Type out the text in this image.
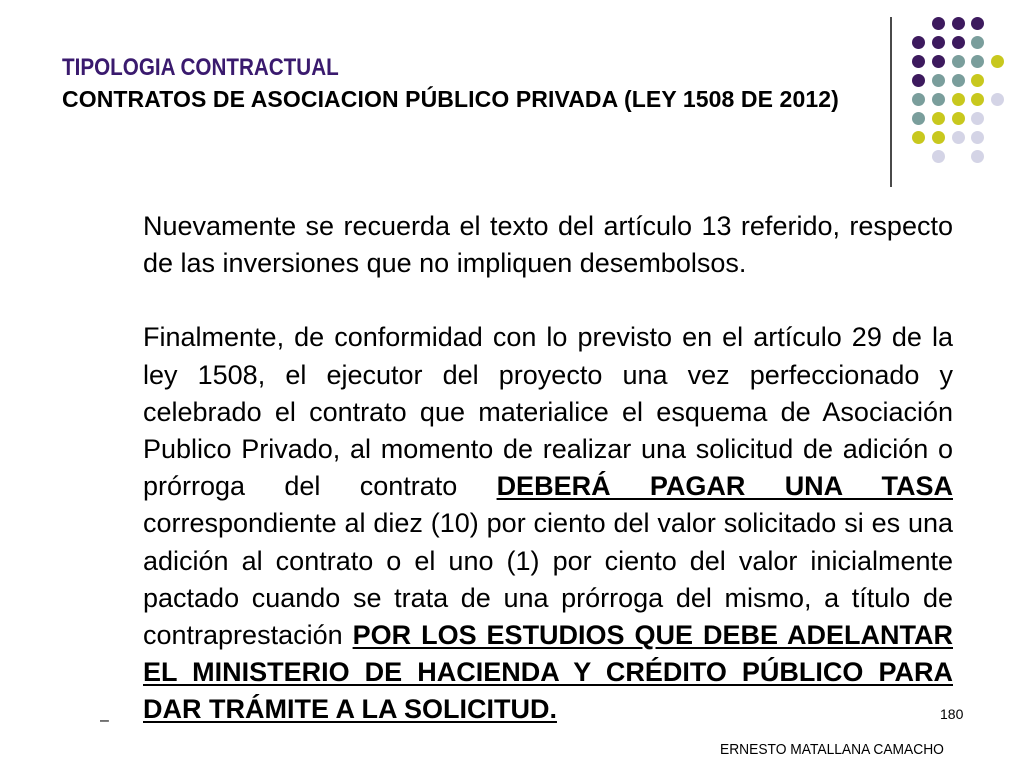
TIPOLOGIA CONTRACTUAL
CONTRATOS DE ASOCIACION PÚBLICO PRIVADA (LEY 1508 DE 2012)

Nuevamente se recuerda el texto del artículo 13 referido, respecto de las inversiones que no impliquen desembolsos.

Finalmente, de conformidad con lo previsto en el artículo 29 de la ley 1508, el ejecutor del proyecto una vez perfeccionado y celebrado el contrato que materialice el esquema de Asociación Publico Privado, al momento de realizar una solicitud de adición o prórroga del contrato DEBERÁ PAGAR UNA TASA correspondiente al diez (10) por ciento del valor solicitado si es una adición al contrato o el uno (1) por ciento del valor inicialmente pactado cuando se trata de una prórroga del mismo, a título de contraprestación POR LOS ESTUDIOS QUE DEBE ADELANTAR EL MINISTERIO DE HACIENDA Y CRÉDITO PÚBLICO PARA DAR TRÁMITE A LA SOLICITUD.

–	180
ERNESTO MATALLANA CAMACHO
